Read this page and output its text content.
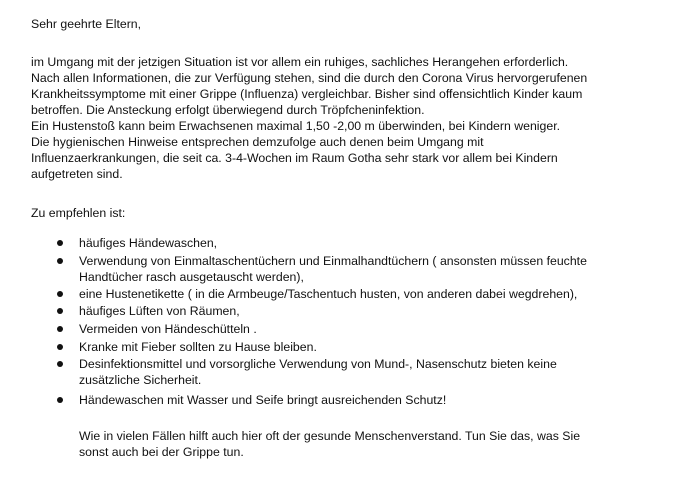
Sehr geehrte Eltern,
im Umgang mit der jetzigen Situation ist vor allem ein ruhiges, sachliches Herangehen erforderlich.
Nach allen Informationen, die zur Verfügung stehen, sind die durch den Corona Virus hervorgerufenen
Krankheitssymptome mit einer Grippe (Influenza) vergleichbar. Bisher sind offensichtlich Kinder kaum
betroffen. Die Ansteckung erfolgt überwiegend durch Tröpfcheninfektion.
Ein Hustenstoß kann beim Erwachsenen maximal 1,50 -2,00 m überwinden, bei Kindern weniger.
Die hygienischen Hinweise entsprechen demzufolge auch denen beim Umgang mit
Influenzaerkrankungen, die seit ca. 3-4-Wochen im Raum Gotha sehr stark vor allem bei Kindern
aufgetreten sind.
Zu empfehlen ist:
häufiges Händewaschen,
Verwendung von Einmaltaschentüchern und Einmalhandtüchern ( ansonsten müssen feuchte
Handtücher rasch ausgetauscht werden),
eine Hustenetikette ( in die Armbeuge/Taschentuch husten, von anderen dabei wegdrehen),
häufiges Lüften von Räumen,
Vermeiden von Händeschütteln .
Kranke mit Fieber sollten zu Hause bleiben.
Desinfektionsmittel und vorsorgliche Verwendung von Mund-, Nasenschutz bieten keine
zusätzliche Sicherheit.
Händewaschen mit Wasser und Seife bringt ausreichenden Schutz!
Wie in vielen Fällen hilft auch hier oft der gesunde Menschenverstand. Tun Sie das, was Sie
sonst auch bei der Grippe tun.
